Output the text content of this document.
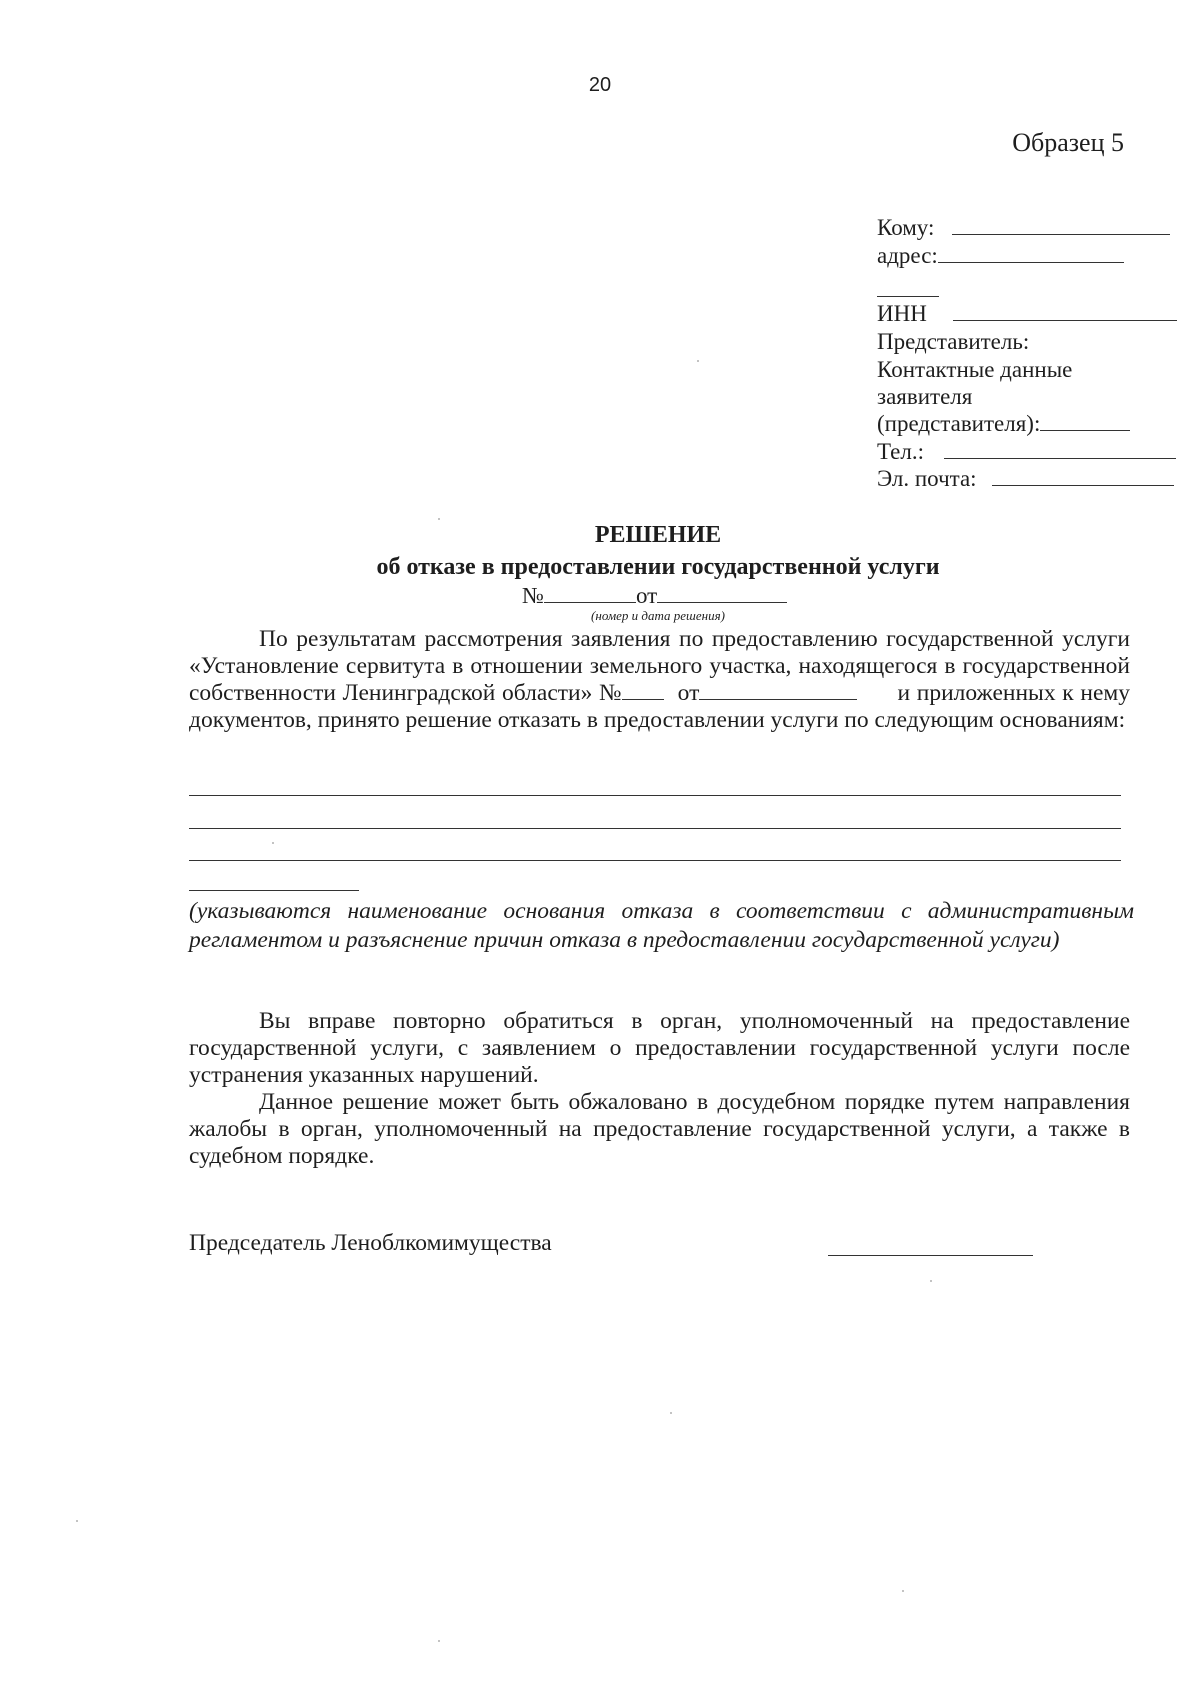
20
Образец 5
Кому:
адрес:
ИНН
Представитель:
Контактные данные
заявителя
(представителя):
Тел.:
Эл. почта:
РЕШЕНИЕ
об отказе в предоставлении государственной услуги
№	от
(номер и дата решения)

По результатам рассмотрения заявления по предоставлению государственной услуги «Установление сервитута в отношении земельного участка, находящегося в государственной собственности Ленинградской области» № от	и приложенных к нему документов, принято решение отказать в предоставлении услуги по следующим основаниям:

(указываются наименование основания отказа в соответствии с административным регламентом и разъяснение причин отказа в предоставлении государственной услуги)

Вы вправе повторно обратиться в орган, уполномоченный на предоставление государственной услуги, с заявлением о предоставлении государственной услуги после устранения указанных нарушений.

Данное решение может быть обжаловано в досудебном порядке путем направления жалобы в орган, уполномоченный на предоставление государственной услуги, а также в судебном порядке.

Председатель Леноблкомимущества
